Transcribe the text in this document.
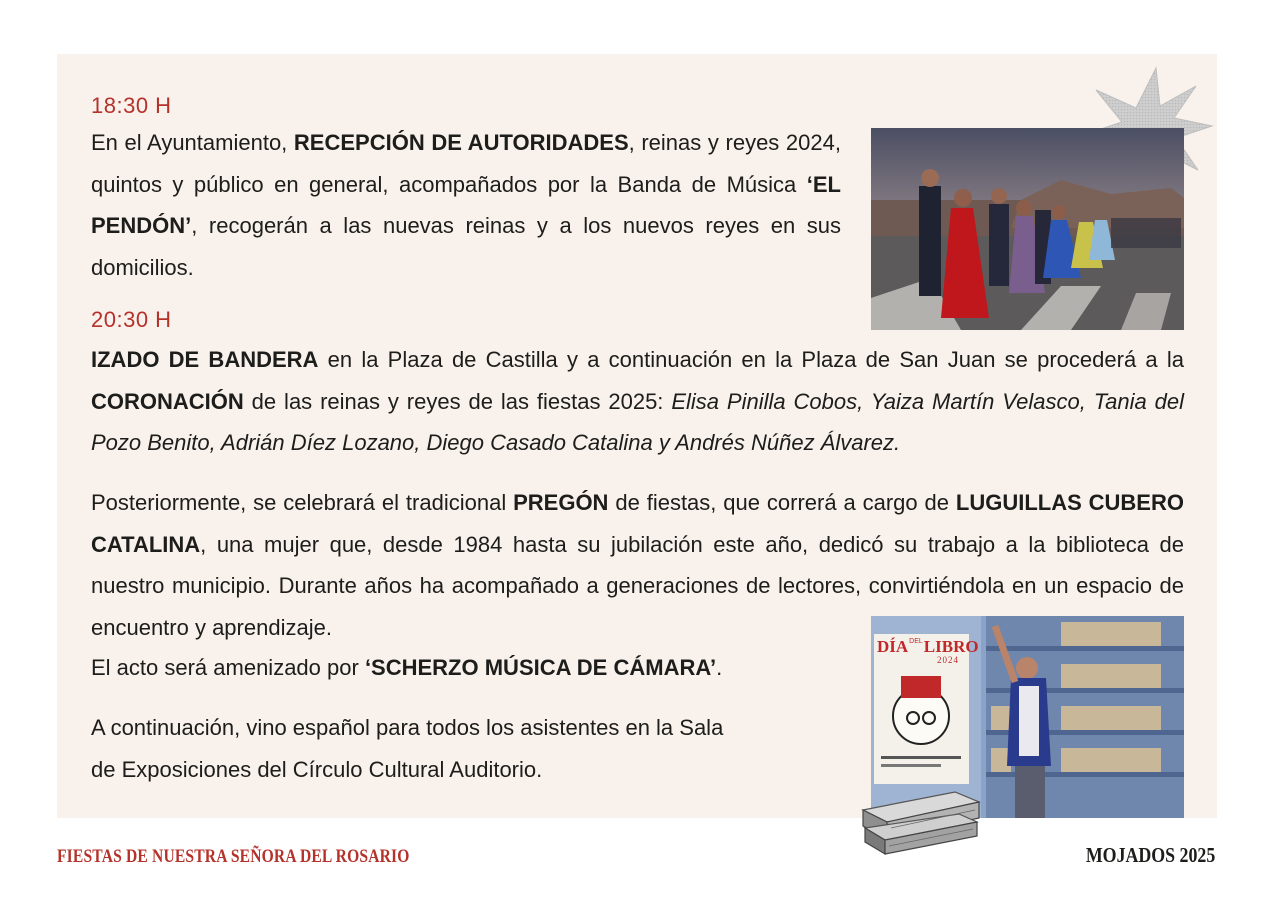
18:30 H
En el Ayuntamiento, RECEPCIÓN DE AUTORIDADES, reinas y reyes 2024, quintos y público en general, acompañados por la Banda de Música ‘EL PENDÓN’, recogerán a las nuevas reinas y a los nuevos reyes en sus domicilios.
20:30 H
IZADO DE BANDERA en la Plaza de Castilla y a continuación en la Plaza de San Juan se procederá a la CORONACIÓN de las reinas y reyes de las fiestas 2025: Elisa Pinilla Cobos, Yaiza Martín Velasco, Tania del Pozo Benito, Adrián Díez Lozano, Diego Casado Catalina y Andrés Núñez Álvarez.
Posteriormente, se celebrará el tradicional PREGÓN de fiestas, que correrá a cargo de LUGUILLAS CUBERO CATALINA, una mujer que, desde 1984 hasta su jubilación este año, dedicó su trabajo a la biblioteca de nuestro municipio. Durante años ha acompañado a generaciones de lectores, convirtiéndola en un espacio de encuentro y aprendizaje.
El acto será amenizado por ‘SCHERZO MÚSICA DE CÁMARA’.
A continuación, vino español para todos los asistentes en la Sala
de Exposiciones del Círculo Cultural Auditorio.
$DÍA^{DEL}LIBRO$
2024
FIESTAS DE NUESTRA SEÑORA DEL ROSARIO	MOJADOS 2025
